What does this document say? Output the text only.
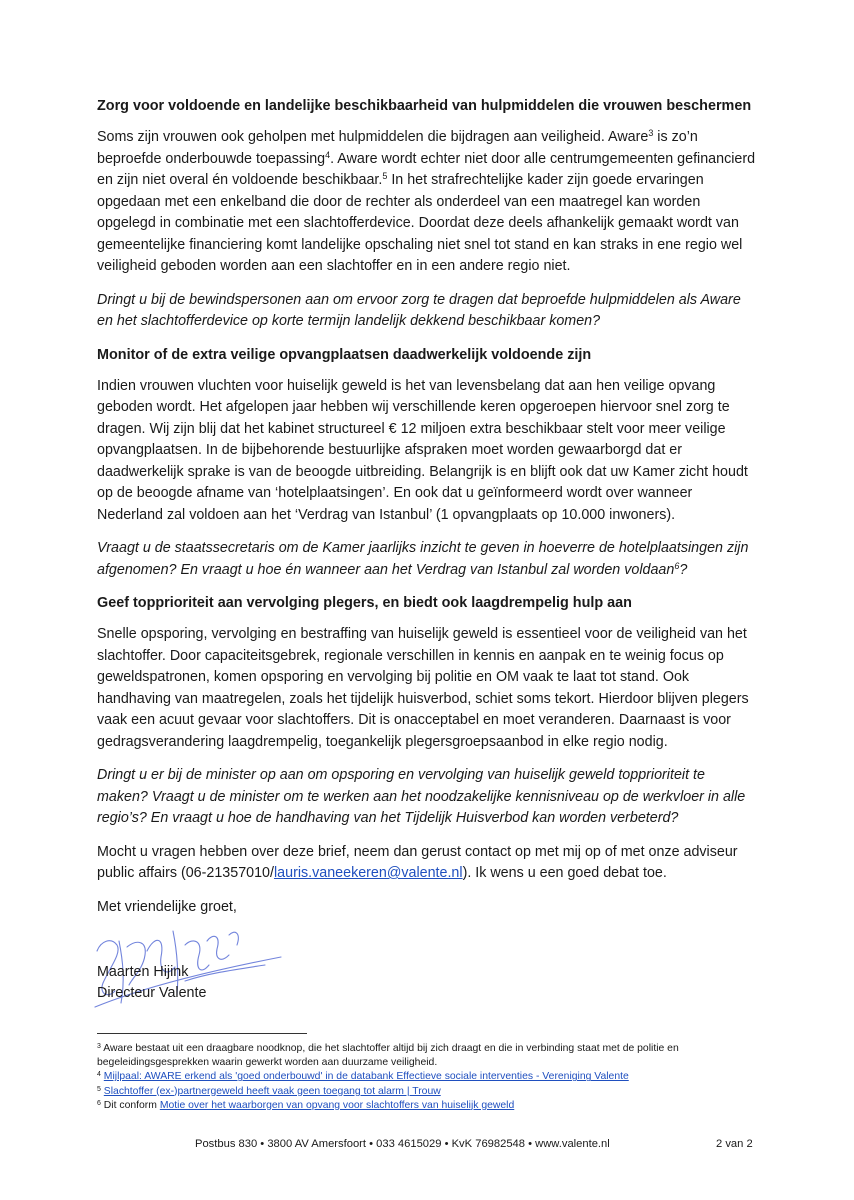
Zorg voor voldoende en landelijke beschikbaarheid van hulpmiddelen die vrouwen beschermen

Soms zijn vrouwen ook geholpen met hulpmiddelen die bijdragen aan veiligheid. Aware$^3$ is zo’n beproefde onderbouwde toepassing$^4$. Aware wordt echter niet door alle centrumgemeenten gefinancierd en zijn niet overal én voldoende beschikbaar.$^5$ In het strafrechtelijke kader zijn goede ervaringen opgedaan met een enkelband die door de rechter als onderdeel van een maatregel kan worden opgelegd in combinatie met een slachtofferdevice. Doordat deze deels afhankelijk gemaakt wordt van gemeentelijke financiering komt landelijke opschaling niet snel tot stand en kan straks in ene regio wel veiligheid geboden worden aan een slachtoffer en in een andere regio niet.

Dringt u bij de bewindspersonen aan om ervoor zorg te dragen dat beproefde hulpmiddelen als Aware en het slachtofferdevice op korte termijn landelijk dekkend beschikbaar komen?

Monitor of de extra veilige opvangplaatsen daadwerkelijk voldoende zijn

Indien vrouwen vluchten voor huiselijk geweld is het van levensbelang dat aan hen veilige opvang geboden wordt. Het afgelopen jaar hebben wij verschillende keren opgeroepen hiervoor snel zorg te dragen. Wij zijn blij dat het kabinet structureel € 12 miljoen extra beschikbaar stelt voor meer veilige opvangplaatsen. In de bijbehorende bestuurlijke afspraken moet worden gewaarborgd dat er daadwerkelijk sprake is van de beoogde uitbreiding. Belangrijk is en blijft ook dat uw Kamer zicht houdt op de beoogde afname van ‘hotelplaatsingen’. En ook dat u geïnformeerd wordt over wanneer Nederland zal voldoen aan het ‘Verdrag van Istanbul’ (1 opvangplaats op 10.000 inwoners).

Vraagt u de staatssecretaris om de Kamer jaarlijks inzicht te geven in hoeverre de hotelplaatsingen zijn afgenomen? En vraagt u hoe én wanneer aan het Verdrag van Istanbul zal worden voldaan$^6$?

Geef topprioriteit aan vervolging plegers, en biedt ook laagdrempelig hulp aan

Snelle opsporing, vervolging en bestraffing van huiselijk geweld is essentieel voor de veiligheid van het slachtoffer. Door capaciteitsgebrek, regionale verschillen in kennis en aanpak en te weinig focus op geweldspatronen, komen opsporing en vervolging bij politie en OM vaak te laat tot stand. Ook handhaving van maatregelen, zoals het tijdelijk huisverbod, schiet soms tekort. Hierdoor blijven plegers vaak een acuut gevaar voor slachtoffers. Dit is onacceptabel en moet veranderen. Daarnaast is voor gedragsverandering laagdrempelig, toegankelijk plegersgroepsaanbod in elke regio nodig.

Dringt u er bij de minister op aan om opsporing en vervolging van huiselijk geweld topprioriteit te maken? Vraagt u de minister om te werken aan het noodzakelijke kennisniveau op de werkvloer in alle regio’s? En vraagt u hoe de handhaving van het Tijdelijk Huisverbod kan worden verbeterd?

Mocht u vragen hebben over deze brief, neem dan gerust contact op met mij op of met onze adviseur public affairs (06-21357010/lauris.vaneekeren@valente.nl). Ik wens u een goed debat toe.

Met vriendelijke groet,

Maarten Hijink

Directeur Valente

$^3$ Aware bestaat uit een draagbare noodknop, die het slachtoffer altijd bij zich draagt en die in verbinding staat met de politie en begeleidingsgesprekken waarin gewerkt worden aan duurzame veiligheid.
$^4$ Mijlpaal: AWARE erkend als 'goed onderbouwd' in de databank Effectieve sociale interventies - Vereniging Valente
$^5$ Slachtoffer (ex-)partnergeweld heeft vaak geen toegang tot alarm | Trouw
$^6$ Dit conform Motie over het waarborgen van opvang voor slachtoffers van huiselijk geweld
Postbus 830 • 3800 AV Amersfoort • 033 4615029 • KvK 76982548 • www.valente.nl	2 van 2
